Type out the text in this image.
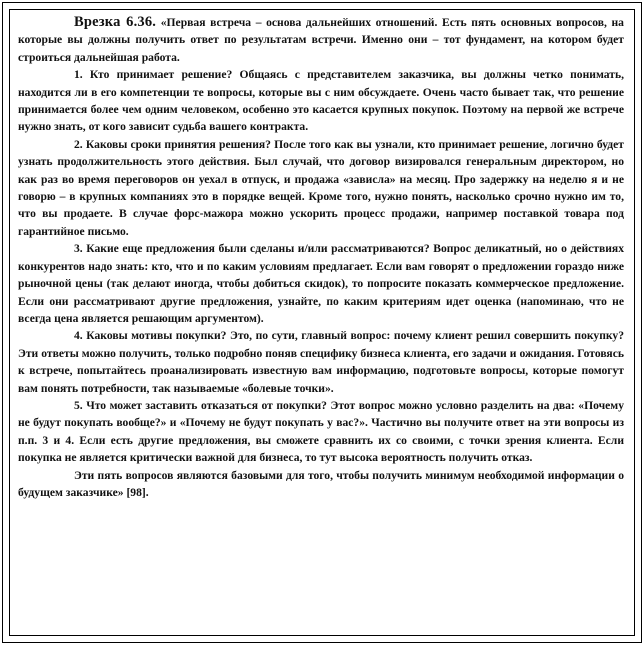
Врезка 6.36. «Первая встреча – основа дальнейших отношений. Есть пять основных вопросов, на которые вы должны получить ответ по результатам встречи. Именно они – тот фундамент, на котором будет строиться дальнейшая работа.

1. Кто принимает решение? Общаясь с представителем заказчика, вы должны четко понимать, находится ли в его компетенции те вопросы, которые вы с ним обсуждаете. Очень часто бывает так, что решение принимается более чем одним человеком, особенно это касается крупных покупок. Поэтому на первой же встрече нужно знать, от кого зависит судьба вашего контракта.

2. Каковы сроки принятия решения? После того как вы узнали, кто принимает решение, логично будет узнать продолжительность этого действия. Был случай, что договор визировался генеральным директором, но как раз во время переговоров он уехал в отпуск, и продажа «зависла» на месяц. Про задержку на неделю я и не говорю – в крупных компаниях это в порядке вещей. Кроме того, нужно понять, насколько срочно нужно им то, что вы продаете. В случае форс-мажора можно ускорить процесс продажи, например поставкой товара под гарантийное письмо.

3. Какие еще предложения были сделаны и/или рассматриваются? Вопрос деликатный, но о действиях конкурентов надо знать: кто, что и по каким условиям предлагает. Если вам говорят о предложении гораздо ниже рыночной цены (так делают иногда, чтобы добиться скидок), то попросите показать коммерческое предложение. Если они рассматривают другие предложения, узнайте, по каким критериям идет оценка (напоминаю, что не всегда цена является решающим аргументом).

4. Каковы мотивы покупки? Это, по сути, главный вопрос: почему клиент решил совершить покупку? Эти ответы можно получить, только подробно поняв специфику бизнеса клиента, его задачи и ожидания. Готовясь к встрече, попытайтесь проанализировать известную вам информацию, подготовьте вопросы, которые помогут вам понять потребности, так называемые «болевые точки».

5. Что может заставить отказаться от покупки? Этот вопрос можно условно разделить на два: «Почему не будут покупать вообще?» и «Почему не будут покупать у вас?». Частично вы получите ответ на эти вопросы из п.п. 3 и 4. Если есть другие предложения, вы сможете сравнить их со своими, с точки зрения клиента. Если покупка не является критически важной для бизнеса, то тут высока вероятность получить отказ.

Эти пять вопросов являются базовыми для того, чтобы получить минимум необходимой информации о будущем заказчике» [98].
